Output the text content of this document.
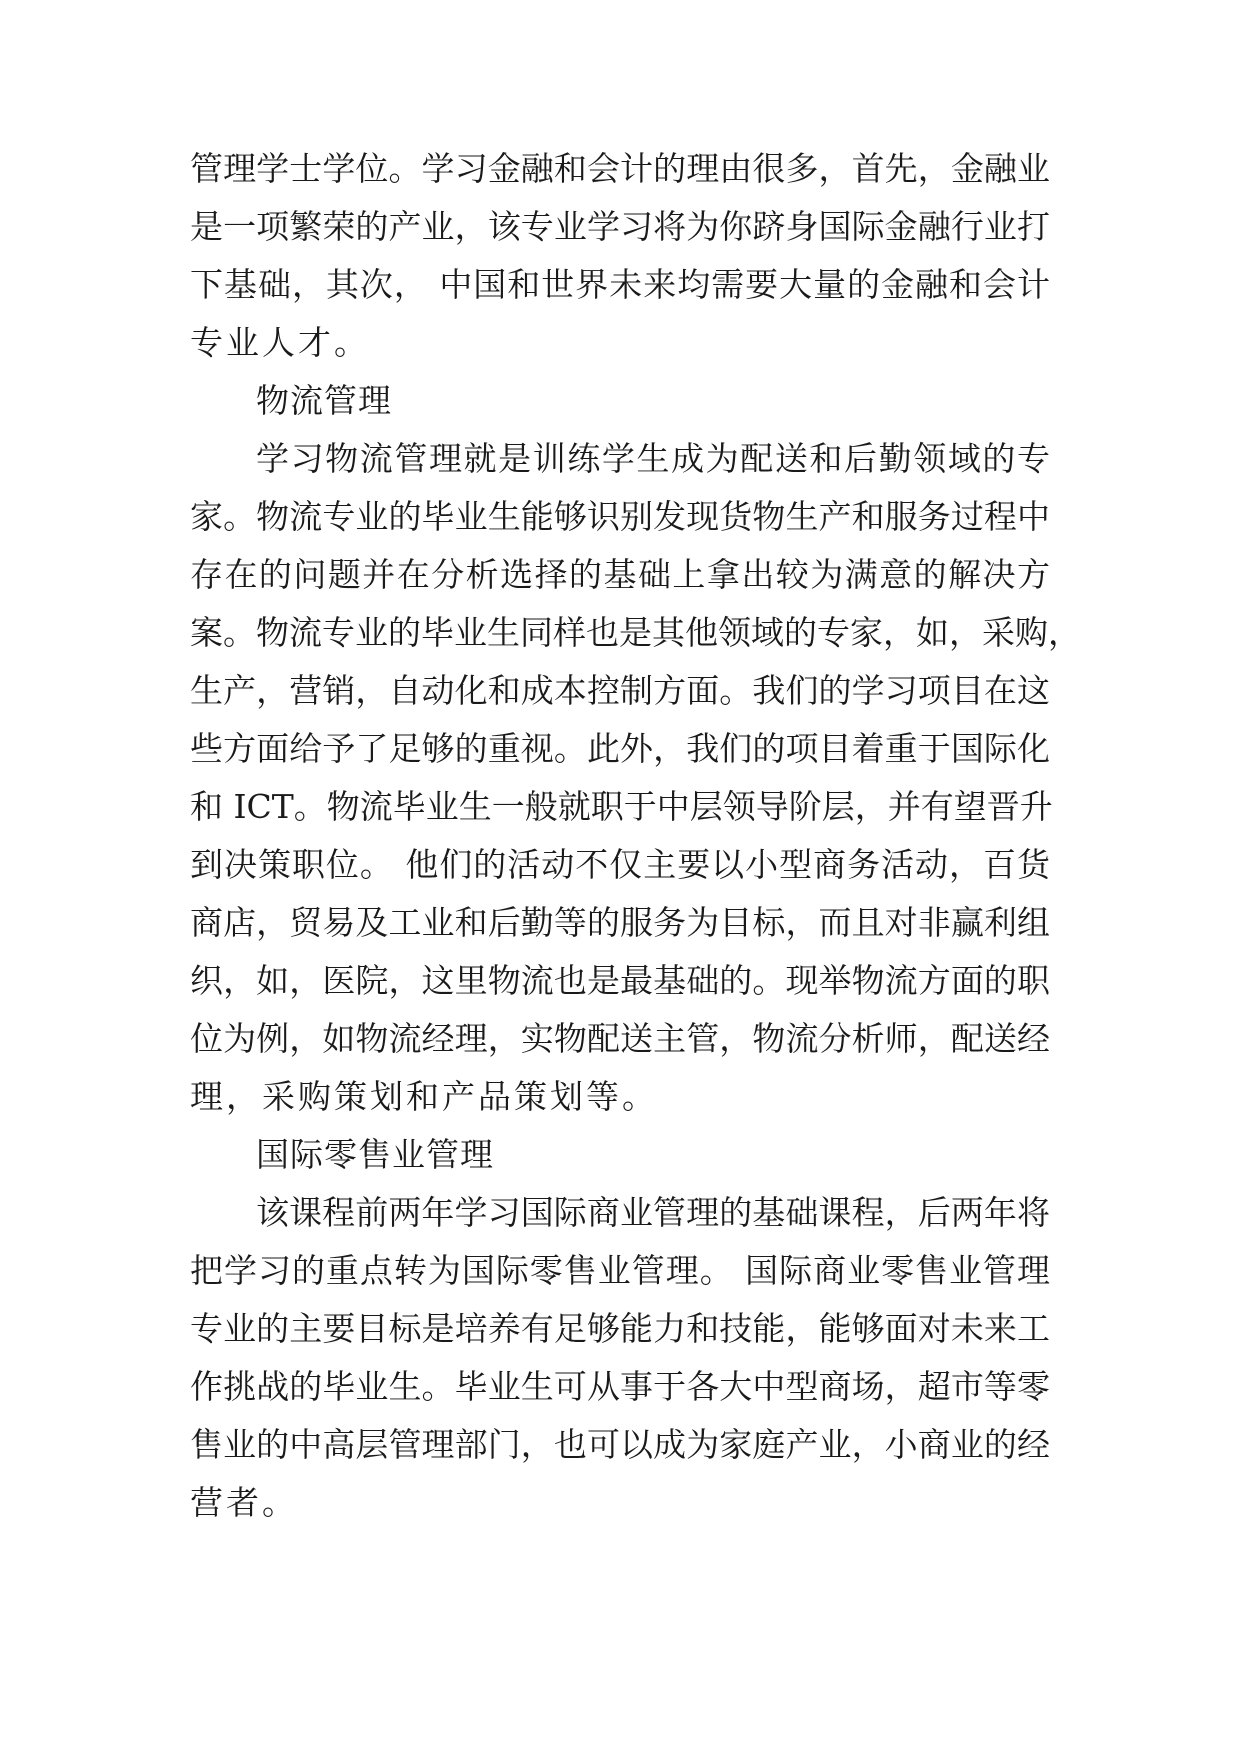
管理学士学位。学习金融和会计的理由很多，首先，金融业
是一项繁荣的产业，该专业学习将为你跻身国际金融行业打
下基础，其次， 中国和世界未来均需要大量的金融和会计
专业人才。
物流管理
学习物流管理就是训练学生成为配送和后勤领域的专
家。物流专业的毕业生能够识别发现货物生产和服务过程中
存在的问题并在分析选择的基础上拿出较为满意的解决方
案。物流专业的毕业生同样也是其他领域的专家，如，采购，
生产，营销，自动化和成本控制方面。我们的学习项目在这
些方面给予了足够的重视。此外，我们的项目着重于国际化
和 ICT。物流毕业生一般就职于中层领导阶层，并有望晋升
到决策职位。 他们的活动不仅主要以小型商务活动，百货
商店，贸易及工业和后勤等的服务为目标，而且对非赢利组
织，如，医院，这里物流也是最基础的。现举物流方面的职
位为例，如物流经理，实物配送主管，物流分析师，配送经
理，采购策划和产品策划等。
国际零售业管理
该课程前两年学习国际商业管理的基础课程，后两年将
把学习的重点转为国际零售业管理。 国际商业零售业管理
专业的主要目标是培养有足够能力和技能，能够面对未来工
作挑战的毕业生。毕业生可从事于各大中型商场，超市等零
售业的中高层管理部门，也可以成为家庭产业，小商业的经
营者。
